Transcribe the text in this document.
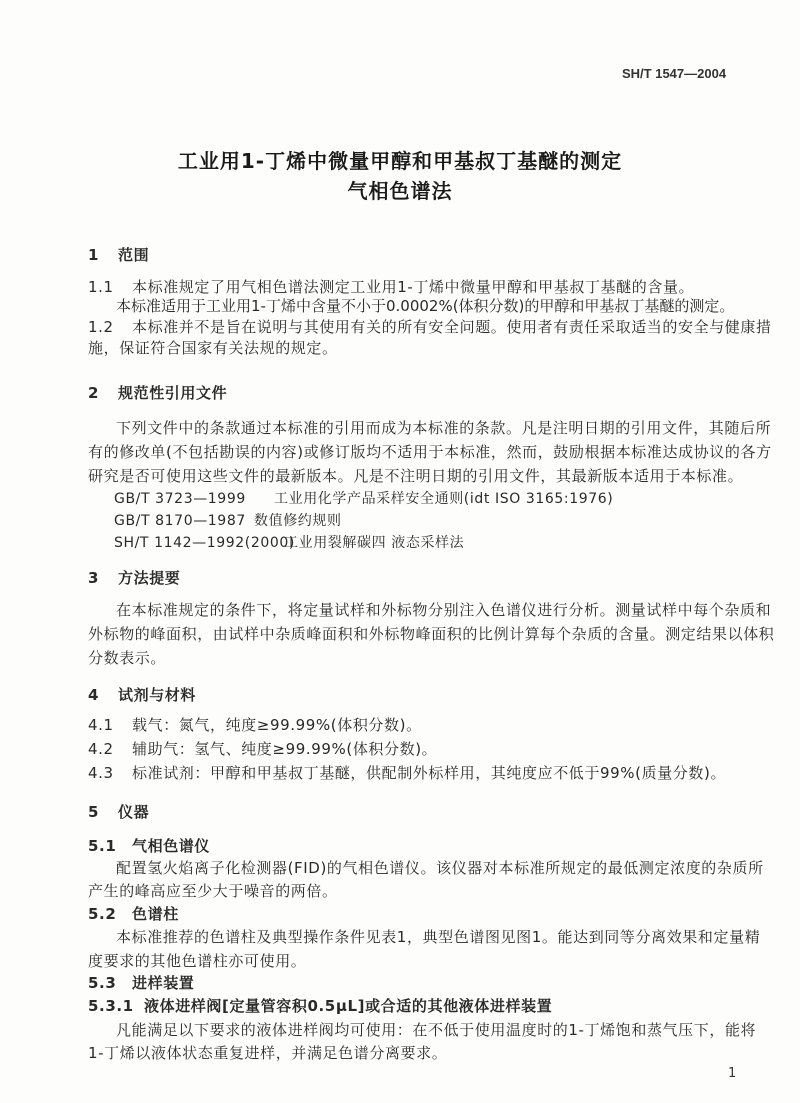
SH/T 1547—2004
工业用1-丁烯中微量甲醇和甲基叔丁基醚的测定
气相色谱法
1 范围
1.1 本标准规定了用气相色谱法测定工业用1-丁烯中微量甲醇和甲基叔丁基醚的含量。
本标准适用于工业用1-丁烯中含量不小于0.0002%(体积分数)的甲醇和甲基叔丁基醚的测定。
1.2 本标准并不是旨在说明与其使用有关的所有安全问题。使用者有责任采取适当的安全与健康措
施，保证符合国家有关法规的规定。
2 规范性引用文件
下列文件中的条款通过本标准的引用而成为本标准的条款。凡是注明日期的引用文件，其随后所
有的修改单(不包括勘误的内容)或修订版均不适用于本标准，然而，鼓励根据本标准达成协议的各方
研究是否可使用这些文件的最新版本。凡是不注明日期的引用文件，其最新版本适用于本标准。
GB/T 3723—1999 工业用化学产品采样安全通则(idt ISO 3165:1976)
GB/T 8170—1987 数值修约规则
SH/T 1142—1992(2000)工业用裂解碳四 液态采样法
3 方法提要
在本标准规定的条件下，将定量试样和外标物分别注入色谱仪进行分析。测量试样中每个杂质和
外标物的峰面积，由试样中杂质峰面积和外标物峰面积的比例计算每个杂质的含量。测定结果以体积
分数表示。
4 试剂与材料
4.1 载气：氮气，纯度≥99.99%(体积分数)。
4.2 辅助气：氢气、纯度≥99.99%(体积分数)。
4.3 标准试剂：甲醇和甲基叔丁基醚，供配制外标样用，其纯度应不低于99%(质量分数)。
5 仪器
5.1 气相色谱仪
配置氢火焰离子化检测器(FID)的气相色谱仪。该仪器对本标准所规定的最低测定浓度的杂质所
产生的峰高应至少大于噪音的两倍。
5.2 色谱柱
本标准推荐的色谱柱及典型操作条件见表1，典型色谱图见图1。能达到同等分离效果和定量精
度要求的其他色谱柱亦可使用。
5.3 进样装置
5.3.1 液体进样阀[定量管容积0.5μL]或合适的其他液体进样装置
凡能满足以下要求的液体进样阀均可使用：在不低于使用温度时的1-丁烯饱和蒸气压下，能将
1-丁烯以液体状态重复进样，并满足色谱分离要求。
1
